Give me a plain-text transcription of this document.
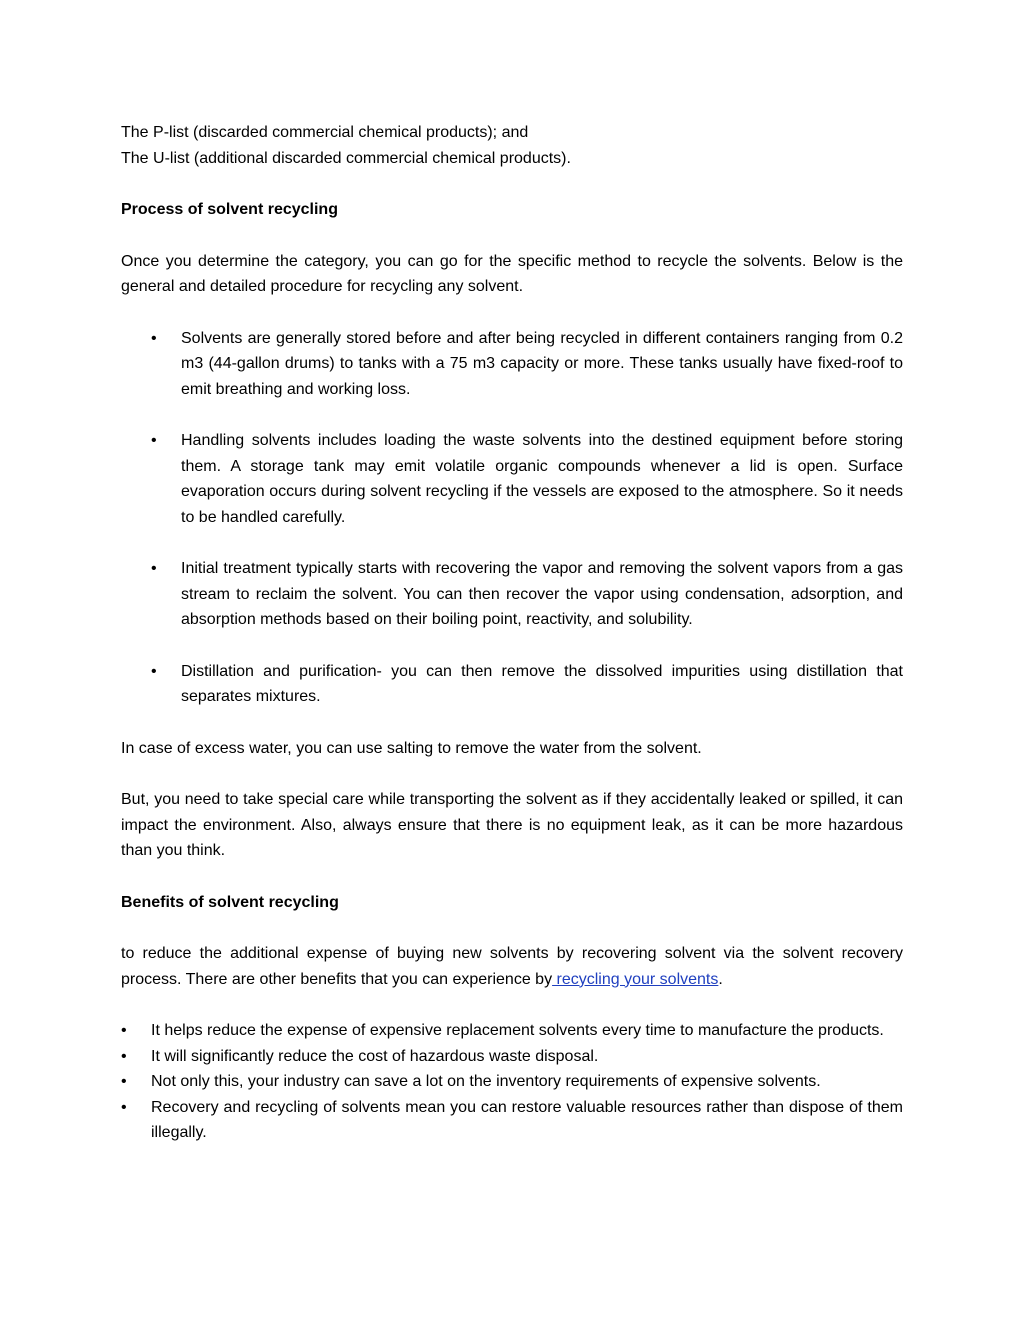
The P-list (discarded commercial chemical products); and

The U-list (additional discarded commercial chemical products).

Process of solvent recycling

Once you determine the category, you can go for the specific method to recycle the solvents. Below is the general and detailed procedure for recycling any solvent.

• Solvents are generally stored before and after being recycled in different containers ranging from 0.2 m3 (44-gallon drums) to tanks with a 75 m3 capacity or more. These tanks usually have fixed-roof to emit breathing and working loss.
• Handling solvents includes loading the waste solvents into the destined equipment before storing them. A storage tank may emit volatile organic compounds whenever a lid is open. Surface evaporation occurs during solvent recycling if the vessels are exposed to the atmosphere. So it needs to be handled carefully.
• Initial treatment typically starts with recovering the vapor and removing the solvent vapors from a gas stream to reclaim the solvent. You can then recover the vapor using condensation, adsorption, and absorption methods based on their boiling point, reactivity, and solubility.
• Distillation and purification- you can then remove the dissolved impurities using distillation that separates mixtures.

In case of excess water, you can use salting to remove the water from the solvent.

But, you need to take special care while transporting the solvent as if they accidentally leaked or spilled, it can impact the environment. Also, always ensure that there is no equipment leak, as it can be more hazardous than you think.

Benefits of solvent recycling

to reduce the additional expense of buying new solvents by recovering solvent via the solvent recovery process. There are other benefits that you can experience by recycling your solvents.

• It helps reduce the expense of expensive replacement solvents every time to manufacture the products.
• It will significantly reduce the cost of hazardous waste disposal.
• Not only this, your industry can save a lot on the inventory requirements of expensive solvents.
• Recovery and recycling of solvents mean you can restore valuable resources rather than dispose of them illegally.
